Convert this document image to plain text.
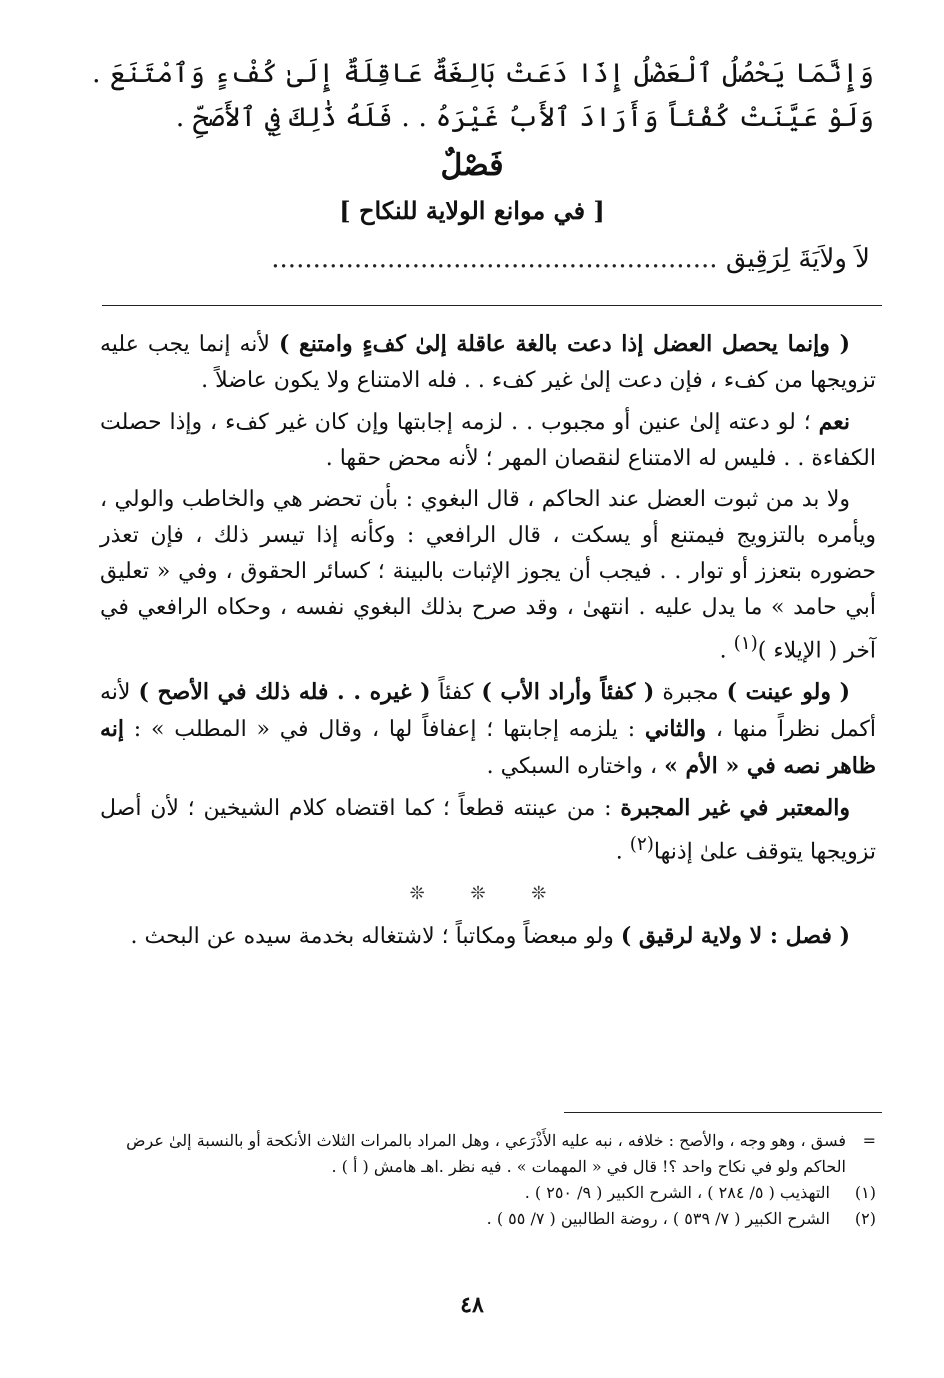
وَإِنَّمَا يَحْصُلُ ٱلْعَضْلُ إِذَا دَعَتْ بَالِغَةٌ عَاقِلَةٌ إِلَىٰ كُفْءٍ وَٱمْتَنَعَ . وَلَوْ عَيَّنَتْ كُفْئاً وَأَرَادَ ٱلأَبُ غَيْرَهُ . . فَلَهُ ذَٰلِكَ فِي ٱلأَصَحِّ .
فَصْلٌ
[ في موانع الولاية للنكاح ]
لاَ وِلاَيَةَ لِرَقِيقٍ ......................................................

( وإنما يحصل العضل إذا دعت بالغة عاقلة إلىٰ كفءٍ وامتنع ) لأنه إنما يجب عليه تزويجها من كفء ، فإن دعت إلىٰ غير كفء . . فله الامتناع ولا يكون عاضلاً .

نعم ؛ لو دعته إلىٰ عنين أو مجبوب . . لزمه إجابتها وإن كان غير كفء ، وإذا حصلت الكفاءة . . فليس له الامتناع لنقصان المهر ؛ لأنه محض حقها .

ولا بد من ثبوت العضل عند الحاكم ، قال البغوي : بأن تحضر هي والخاطب والولي ، ويأمره بالتزويج فيمتنع أو يسكت ، قال الرافعي : وكأنه إذا تيسر ذلك ، فإن تعذر حضوره بتعزز أو توار . . فيجب أن يجوز الإثبات بالبينة ؛ كسائر الحقوق ، وفي « تعليق أبي حامد » ما يدل عليه . انتهىٰ ، وقد صرح بذلك البغوي نفسه ، وحكاه الرافعي في آخر ( الإيلاء )$^{(١)}$ .

( ولو عينت ) مجبرة ( كفئاً وأراد الأب ) كفئاً ( غيره . . فله ذلك في الأصح ) لأنه أكمل نظراً منها ، والثاني : يلزمه إجابتها ؛ إعفافاً لها ، وقال في « المطلب » : إنه ظاهر نصه في « الأم » ، واختاره السبكي .

والمعتبر في غير المجبرة : من عينته قطعاً ؛ كما اقتضاه كلام الشيخين ؛ لأن أصل تزويجها يتوقف علىٰ إذنها$^{(٢)}$ .

❊ ❊ ❊

( فصل : لا ولاية لرقيق ) ولو مبعضاً ومكاتباً ؛ لاشتغاله بخدمة سيده عن البحث .

=
فسق ، وهو وجه ، والأصح : خلافه ، نبه عليه الأَذْرَعي ، وهل المراد بالمرات الثلاث الأنكحة أو بالنسبة إلىٰ عرض الحاكم ولو في نكاح واحد ؟! قال في « المهمات » . فيه نظر .اهـ هامش ( أ ) .
(١)
التهذيب ( ٥/ ٢٨٤ ) ، الشرح الكبير ( ٩/ ٢٥٠ ) .
(٢)
الشرح الكبير ( ٧/ ٥٣٩ ) ، روضة الطالبين ( ٧/ ٥٥ ) .
٤٨
